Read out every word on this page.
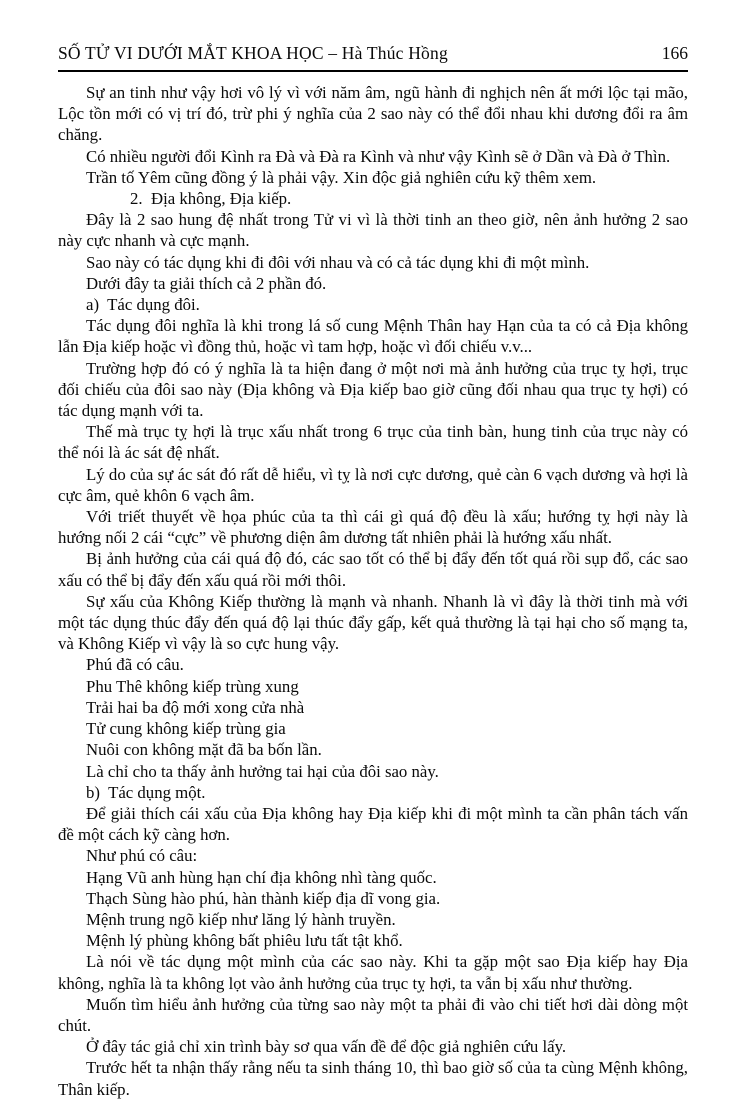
SỐ TỬ VI DƯỚI MẮT KHOA HỌC – Hà Thúc Hồng	166

Sự an tinh như vậy hơi vô lý vì với năm âm, ngũ hành đi nghịch nên ất mới lộc tại mão, Lộc tồn mới có vị trí đó, trừ phi ý nghĩa của 2 sao này có thể đổi nhau khi dương đổi ra âm chăng.

Có nhiều người đổi Kình ra Đà và Đà ra Kình và như vậy Kình sẽ ở Dần và Đà ở Thìn.

Trần tố Yêm cũng đồng ý là phải vậy. Xin độc giả nghiên cứu kỹ thêm xem.

2.  Địa không, Địa kiếp.

Đây là 2 sao hung đệ nhất trong Tử vi vì là thời tinh an theo giờ, nên ảnh hưởng 2 sao này cực nhanh và cực mạnh.

Sao này có tác dụng khi đi đôi với nhau và có cả tác dụng khi đi một mình.

Dưới đây ta giải thích cả 2 phần đó.

a)  Tác dụng đôi.

Tác dụng đôi nghĩa là khi trong lá số cung Mệnh Thân hay Hạn của ta có cả Địa không lẫn Địa kiếp hoặc vì đồng thủ, hoặc vì tam hợp, hoặc vì đối chiếu v.v...

Trường hợp đó có ý nghĩa là ta hiện đang ở một nơi mà ảnh hưởng của trục tỵ hợi, trục đối chiếu của đôi sao này (Địa không và Địa kiếp bao giờ cũng đối nhau qua trục tỵ hợi) có tác dụng mạnh với ta.

Thế mà trục tỵ hợi là trục xấu nhất trong 6 trục của tinh bàn, hung tinh của trục này có thể nói là ác sát đệ nhất.

Lý do của sự ác sát đó rất dễ hiểu, vì tỵ là nơi cực dương, quẻ càn 6 vạch dương và hợi là cực âm, quẻ khôn 6 vạch âm.

Với triết thuyết về họa phúc của ta thì cái gì quá độ đều là xấu; hướng tỵ hợi này là hướng nối 2 cái “cực” về phương diện âm dương tất nhiên phải là hướng xấu nhất.

Bị ảnh hưởng của cái quá độ đó, các sao tốt có thể bị đẩy đến tốt quá rồi sụp đổ, các sao xấu có thể bị đẩy đến xấu quá rồi mới thôi.

Sự xấu của Không Kiếp thường là mạnh và nhanh. Nhanh là vì đây là thời tinh mà với một tác dụng thúc đẩy đến quá độ lại thúc đẩy gấp, kết quả thường là tại hại cho số mạng ta, và Không Kiếp vì vậy là so cực hung vậy.

Phú đã có câu.

Phu Thê không kiếp trùng xung

Trải hai ba độ mới xong cửa nhà

Tử cung không kiếp trùng gia

Nuôi con không mặt đã ba bốn lần.

Là chỉ cho ta thấy ảnh hưởng tai hại của đôi sao này.

b)  Tác dụng một.

Để giải thích cái xấu của Địa không hay Địa kiếp khi đi một mình ta cần phân tách vấn đề một cách kỹ càng hơn.

Như phú có câu:

Hạng Vũ anh hùng hạn chí địa không nhì tàng quốc.

Thạch Sùng hào phú, hàn thành kiếp địa dĩ vong gia.

Mệnh trung ngõ kiếp như lăng lý hành truyền.

Mệnh lý phùng không bất phiêu lưu tất tật khổ.

Là nói về tác dụng một mình của các sao này. Khi ta gặp một sao Địa kiếp hay Địa không, nghĩa là ta không lọt vào ảnh hưởng của trục tỵ hợi, ta vẫn bị xấu như thường.

Muốn tìm hiểu ảnh hưởng của từng sao này một ta phải đi vào chi tiết hơi dài dòng một chút.

Ở đây tác giả chỉ xin trình bày sơ qua vấn đề để độc giả nghiên cứu lấy.

Trước hết ta nhận thấy rằng nếu ta sinh tháng 10, thì bao giờ số của ta cùng Mệnh không, Thân kiếp.
